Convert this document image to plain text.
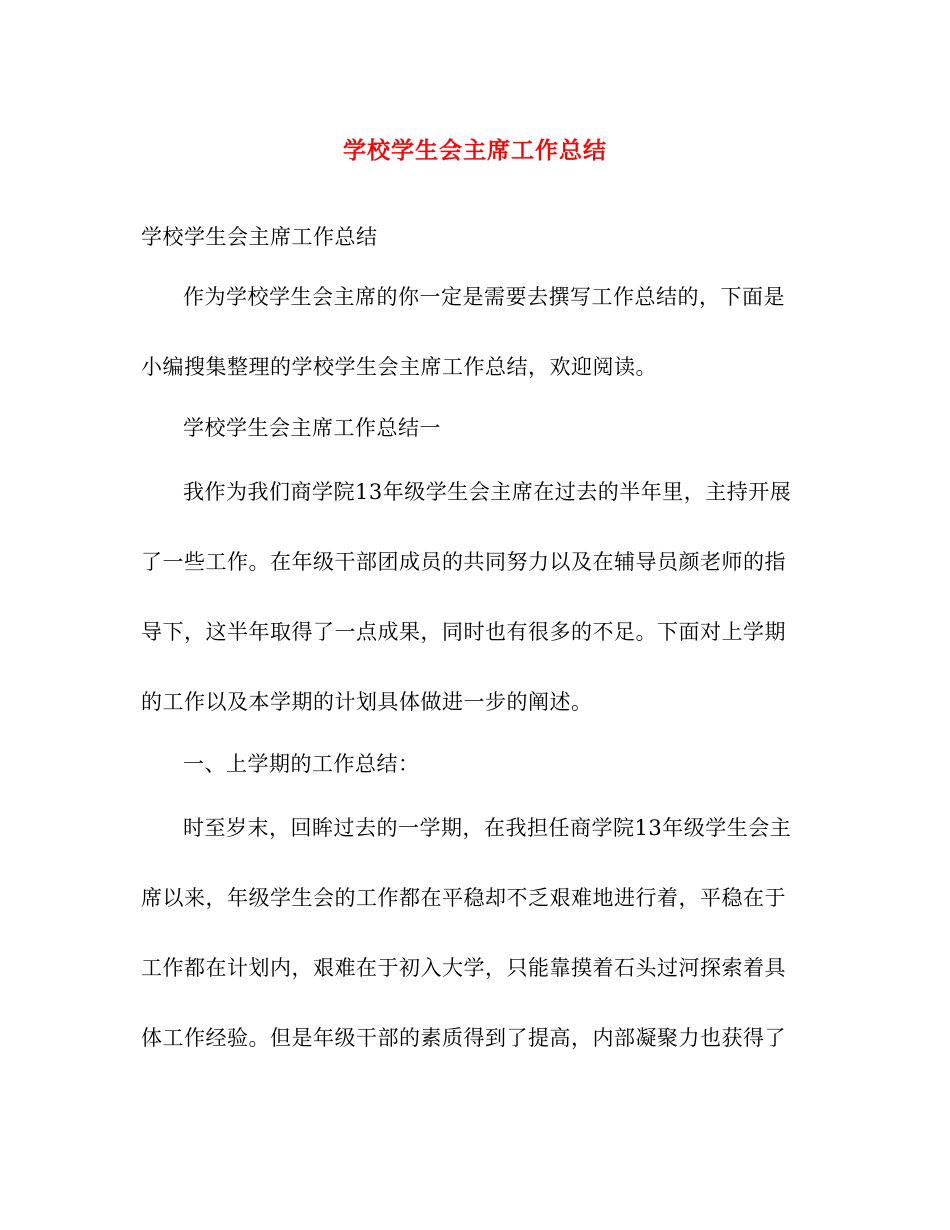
学校学生会主席工作总结
学校学生会主席工作总结
作为学校学生会主席的你一定是需要去撰写工作总结的，下面是
小编搜集整理的学校学生会主席工作总结，欢迎阅读。
学校学生会主席工作总结一
我作为我们商学院13年级学生会主席在过去的半年里，主持开展
了一些工作。在年级干部团成员的共同努力以及在辅导员颜老师的指
导下，这半年取得了一点成果，同时也有很多的不足。下面对上学期
的工作以及本学期的计划具体做进一步的阐述。
一、上学期的工作总结：
时至岁末，回眸过去的一学期，在我担任商学院13年级学生会主
席以来，年级学生会的工作都在平稳却不乏艰难地进行着，平稳在于
工作都在计划内，艰难在于初入大学，只能靠摸着石头过河探索着具
体工作经验。但是年级干部的素质得到了提高，内部凝聚力也获得了
